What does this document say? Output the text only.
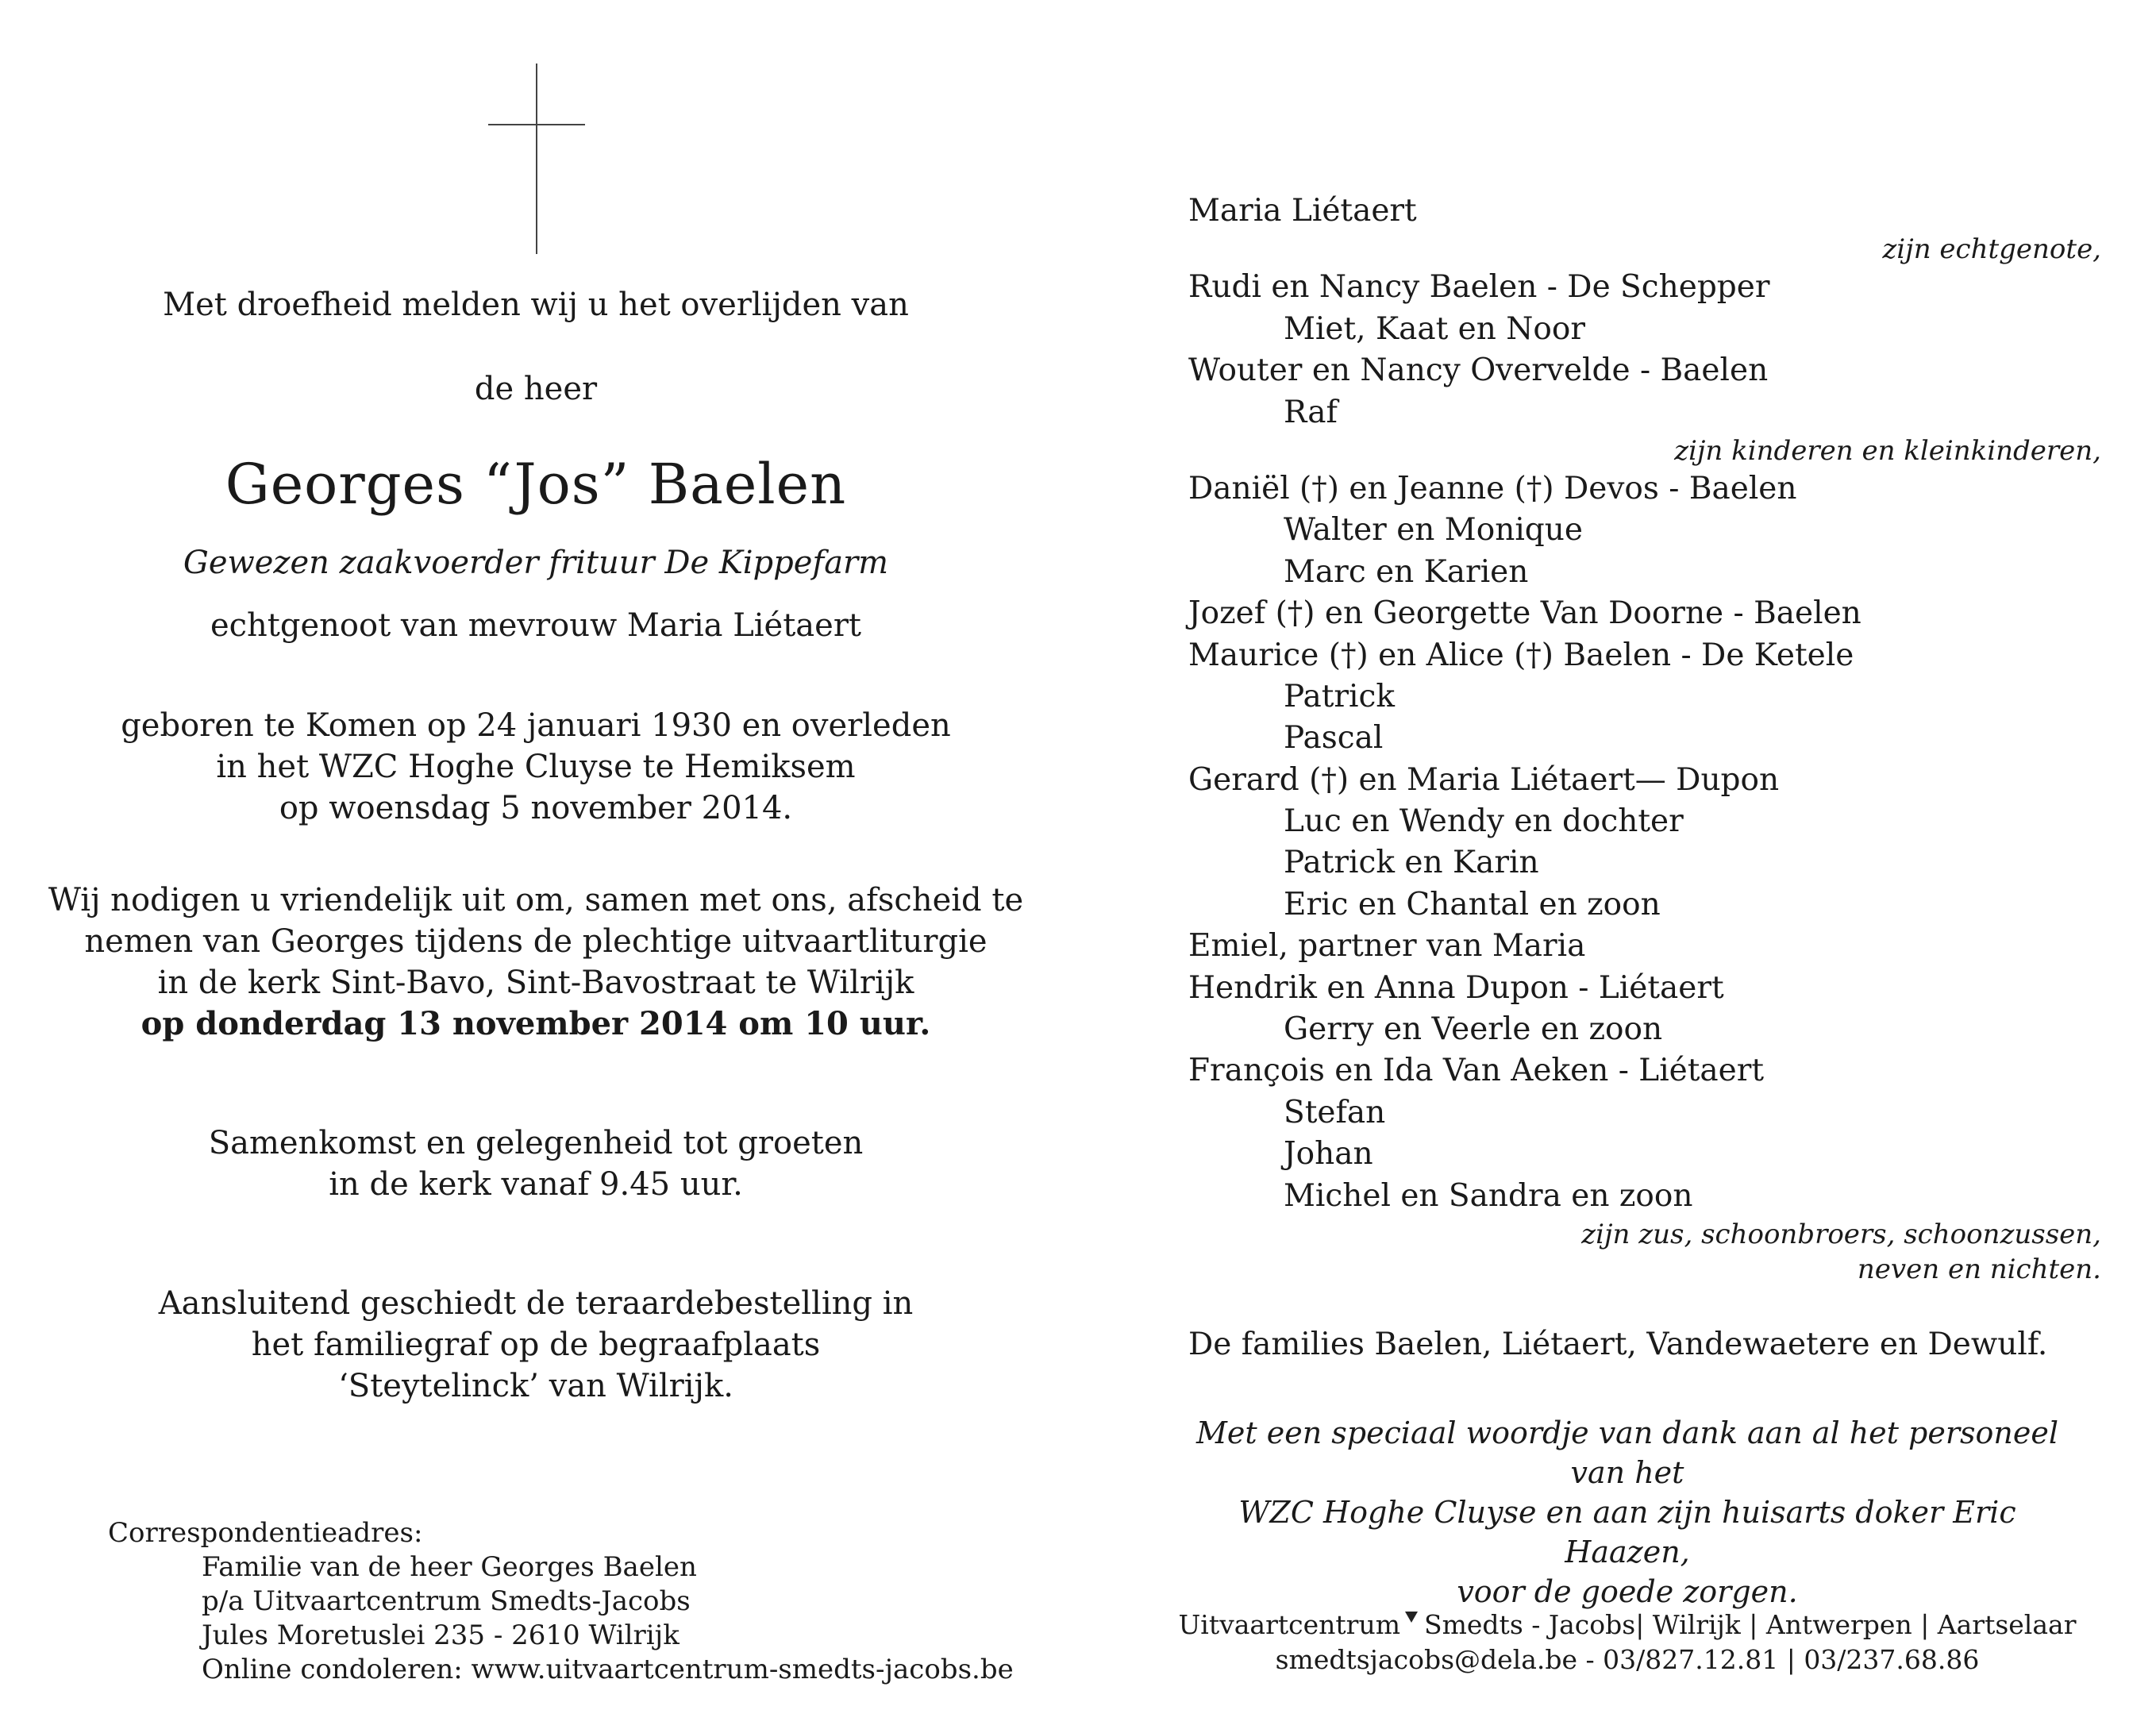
Met droefheid melden wij u het overlijden van

de heer

Georges “Jos” Baelen

Gewezen zaakvoerder frituur De Kippefarm

echtgenoot van mevrouw Maria Liétaert

geboren te Komen op 24 januari 1930 en overleden

in het WZC Hoghe Cluyse te Hemiksem

op woensdag 5 november 2014.

Wij nodigen u vriendelijk uit om, samen met ons, afscheid te

nemen van Georges tijdens de plechtige uitvaartliturgie

in de kerk Sint-Bavo, Sint-Bavostraat te Wilrijk

op donderdag 13 november 2014 om 10 uur.

Samenkomst en gelegenheid tot groeten

in de kerk vanaf 9.45 uur.

Aansluitend geschiedt de teraardebestelling in

het familiegraf op de begraafplaats

‘Steytelinck’ van Wilrijk.

Correspondentieadres:
Familie van de heer Georges Baelen
p/a Uitvaartcentrum Smedts-Jacobs
Jules Moretuslei 235 - 2610 Wilrijk
Online condoleren: www.uitvaartcentrum-smedts-jacobs.be
Maria Liétaert
zijn echtgenote,
Rudi en Nancy Baelen - De Schepper
Miet, Kaat en Noor
Wouter en Nancy Overvelde - Baelen
Raf
zijn kinderen en kleinkinderen,
Daniël (†) en Jeanne (†) Devos - Baelen
Walter en Monique
Marc en Karien
Jozef (†) en Georgette Van Doorne - Baelen
Maurice (†) en Alice (†) Baelen - De Ketele
Patrick
Pascal
Gerard (†) en Maria Liétaert— Dupon
Luc en Wendy en dochter
Patrick en Karin
Eric en Chantal en zoon
Emiel, partner van Maria
Hendrik en Anna Dupon - Liétaert
Gerry en Veerle en zoon
François en Ida Van Aeken - Liétaert
Stefan
Johan
Michel en Sandra en zoon
zijn zus, schoonbroers, schoonzussen,
neven en nichten.
De families Baelen, Liétaert, Vandewaetere en Dewulf.
Met een speciaal woordje van dank aan al het personeel van het
WZC Hoghe Cluyse en aan zijn huisarts doker Eric Haazen,
voor de goede zorgen.
Uitvaartcentrum Smedts - Jacobs| Wilrijk | Antwerpen | Aartselaar
smedtsjacobs@dela.be - 03/827.12.81 | 03/237.68.86
